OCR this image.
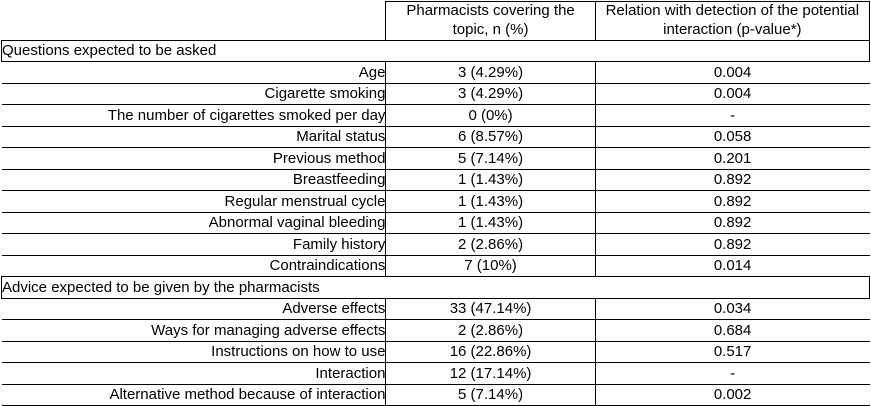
	Pharmacists covering the topic, n (%)	Relation with detection of the potential interaction (p-value*)
Questions expected to be asked		
Age	3 (4.29%)	0.004
Cigarette smoking	3 (4.29%)	0.004
The number of cigarettes smoked per day	0 (0%)	-
Marital status	6 (8.57%)	0.058
Previous method	5 (7.14%)	0.201
Breastfeeding	1 (1.43%)	0.892
Regular menstrual cycle	1 (1.43%)	0.892
Abnormal vaginal bleeding	1 (1.43%)	0.892
Family history	2 (2.86%)	0.892
Contraindications	7 (10%)	0.014
Advice expected to be given by the pharmacists		
Adverse effects	33 (47.14%)	0.034
Ways for managing adverse effects	2 (2.86%)	0.684
Instructions on how to use	16 (22.86%)	0.517
Interaction	12 (17.14%)	-
Alternative method because of interaction	5 (7.14%)	0.002
